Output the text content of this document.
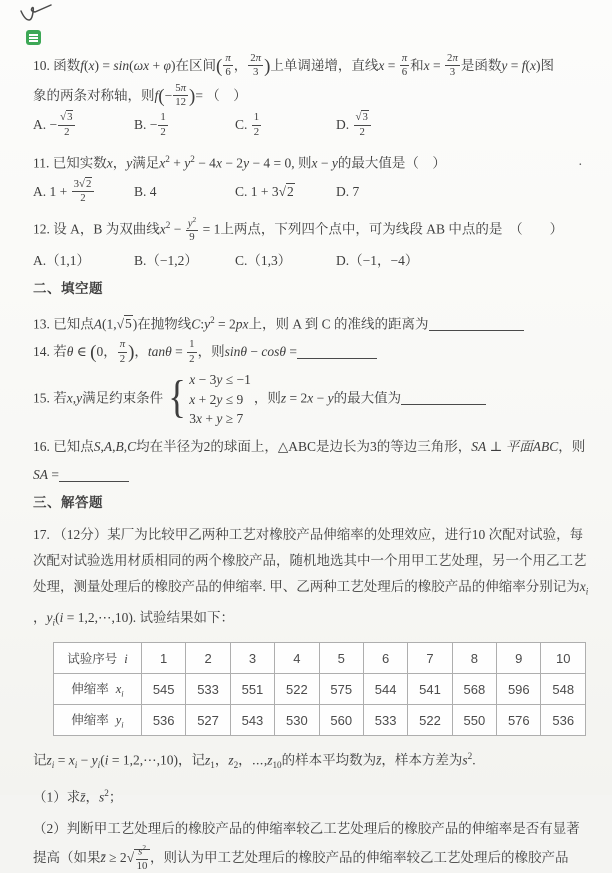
10. 函数f(x) = sin(ωx + φ)在区间( $\frac{\pi}{6}$ ， $\frac{2\pi}{3}$ )上单调递增，直线$x = \frac{\pi}{6}$ 和$x = \frac{2\pi}{3}$ 是函数y = f(x)图
象的两条对称轴，则$f(- \frac{5\pi}{12}$ )= （　）
A. − $\frac{√3}{2}$	B. − $\frac{1}{2}$	C. $\frac{1}{2}$	D. $\frac{√3}{2}$
11. 已知实数x，y满足$x^2 + y^2 - 4x - 2y - 4 = 0$, 则x − y的最大值是（　）	.
A. $1 + \frac{3√2}{2}$	B. 4	C. 1 + 3√2	D. 7
12. 设 A，B 为双曲线$x^2 - \frac{y^2}{9} = 1$上两点，下列四个点中，可为线段 AB 中点的是　（　　）
A.（1,1）	B.（−1,2）	C.（1,3）	D.（−1，−4）
二、填空题
13. 已知点A(1,√5)在抛物线$C:y^2 = 2px$上，则 A 到 C 的准线的距离为
14. 若θ ∈ (0， $\frac{\pi}{2}$ )，$\tan\theta = \frac{1}{2}$ ，则sinθ − cosθ =
15. 若x,y满足约束条件 { x − 3y ≤ −1
x + 2y ≤ 9
3x + y ≥ 7
，则z = 2x − y的最大值为
16. 已知点S,A,B,C均在半径为2的球面上，△ABC是边长为3的等边三角形，SA ⊥ 平面ABC，则
SA =
三、解答题
17. （12分）某厂为比较甲乙两种工艺对橡胶产品伸缩率的处理效应，进行10 次配对试验，每
次配对试验选用材质相同的两个橡胶产品，随机地选其中一个用甲工艺处理，另一个用乙工艺
处理，测量处理后的橡胶产品的伸缩率. 甲、乙两种工艺处理后的橡胶产品的伸缩率分别记为$x_i$
，$y_i(i$ = 1,2,⋯,10). 试验结果如下：
试验序号  i	1	2	3	4	5	6	7	8	9	10
伸缩率  $x_i$	545	533	551	522	575	544	541	568	596	548
伸缩率  $y_i$	536	527	543	530	560	533	522	550	576	536
记$z_i = x_i - y_i(i$ = 1,2,⋯,10)，记$z_1$，$z_2$，$\cdots,z_{10}$的样本平均数为z̄，样本方差为$s^2$.
（1）求z̄，$s^2$；
（2）判断甲工艺处理后的橡胶产品的伸缩率较乙工艺处理后的橡胶产品的伸缩率是否有显著
提高（如果z̄ ≥ $2√ \frac{s^2}{10}$ ，则认为甲工艺处理后的橡胶产品的伸缩率较乙工艺处理后的橡胶产品
